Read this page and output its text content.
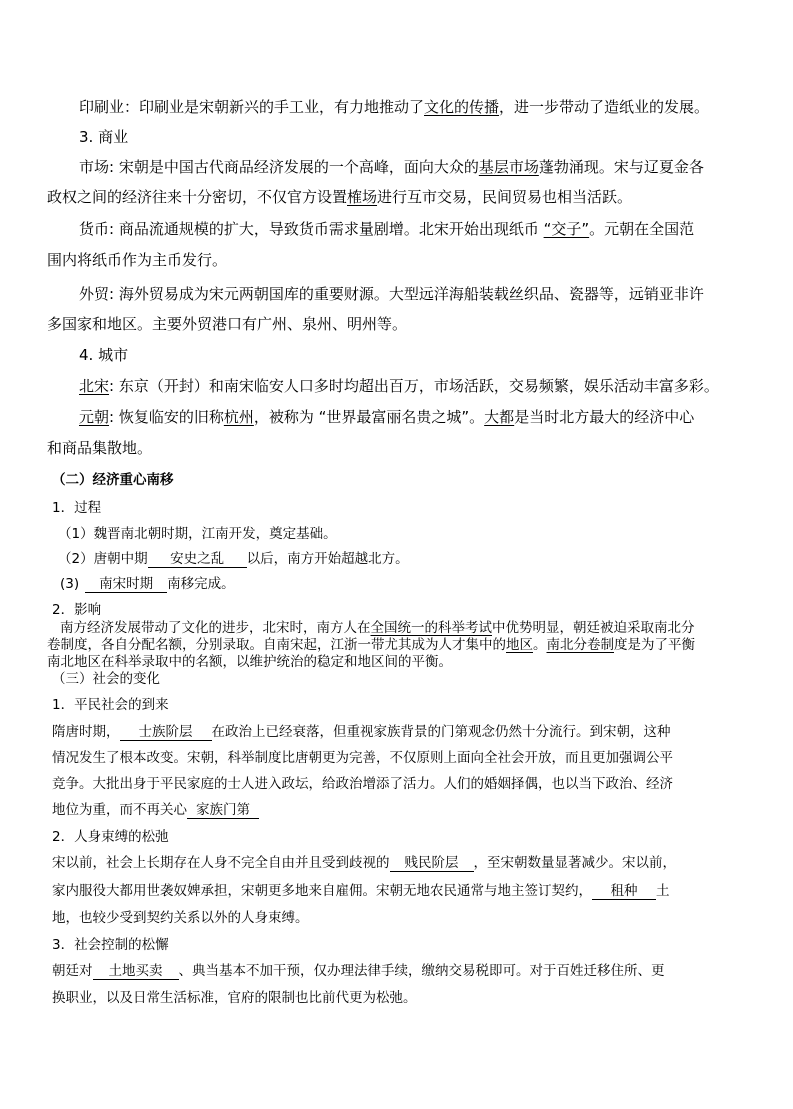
印刷业：印刷业是宋朝新兴的手工业，有力地推动了文化的传播，进一步带动了造纸业的发展。
3. 商业
市场: 宋朝是中国古代商品经济发展的一个高峰，面向大众的基层市场蓬勃涌现。宋与辽夏金各
政权之间的经济往来十分密切，不仅官方设置榷场进行互市交易，民间贸易也相当活跃。
货币: 商品流通规模的扩大，导致货币需求量剧增。北宋开始出现纸币 “交子”。元朝在全国范
围内将纸币作为主币发行。
外贸: 海外贸易成为宋元两朝国库的重要财源。大型远洋海船装载丝织品、瓷器等，远销亚非许
多国家和地区。主要外贸港口有广州、泉州、明州等。
4. 城市
北宋: 东京（开封）和南宋临安人口多时均超出百万，市场活跃，交易频繁，娱乐活动丰富多彩。
元朝: 恢复临安的旧称杭州，被称为 “世界最富丽名贵之城”。大都是当时北方最大的经济中心
和商品集散地。
（二）经济重心南移
1．过程
（1）魏晋南北朝时期，江南开发，奠定基础。
（2）唐朝中期 安史之乱 以后，南方开始超越北方。
(3) 南宋时期 南移完成。
2．影响
南方经济发展带动了文化的进步，北宋时，南方人在全国统一的科举考试中优势明显，朝廷被迫采取南北分
卷制度，各自分配名额，分别录取。自南宋起，江浙一带尤其成为人才集中的地区。南北分卷制度是为了平衡
南北地区在科举录取中的名额，以维护统治的稳定和地区间的平衡。
（三）社会的变化
1．平民社会的到来
隋唐时期， 士族阶层 在政治上已经衰落，但重视家族背景的门第观念仍然十分流行。到宋朝，这种
情况发生了根本改变。宋朝，科举制度比唐朝更为完善，不仅原则上面向全社会开放，而且更加强调公平
竞争。大批出身于平民家庭的士人进入政坛，给政治增添了活力。人们的婚姻择偶，也以当下政治、经济
地位为重，而不再关心 家族门第
2．人身束缚的松弛
宋以前，社会上长期存在人身不完全自由并且受到歧视的 贱民阶层 ，至宋朝数量显著减少。宋以前，
家内服役大都用世袭奴婢承担，宋朝更多地来自雇佣。宋朝无地农民通常与地主签订契约， 租种 土
地，也较少受到契约关系以外的人身束缚。
3．社会控制的松懈
朝廷对 土地买卖 、典当基本不加干预，仅办理法律手续，缴纳交易税即可。对于百姓迁移住所、更
换职业，以及日常生活标准，官府的限制也比前代更为松弛。
